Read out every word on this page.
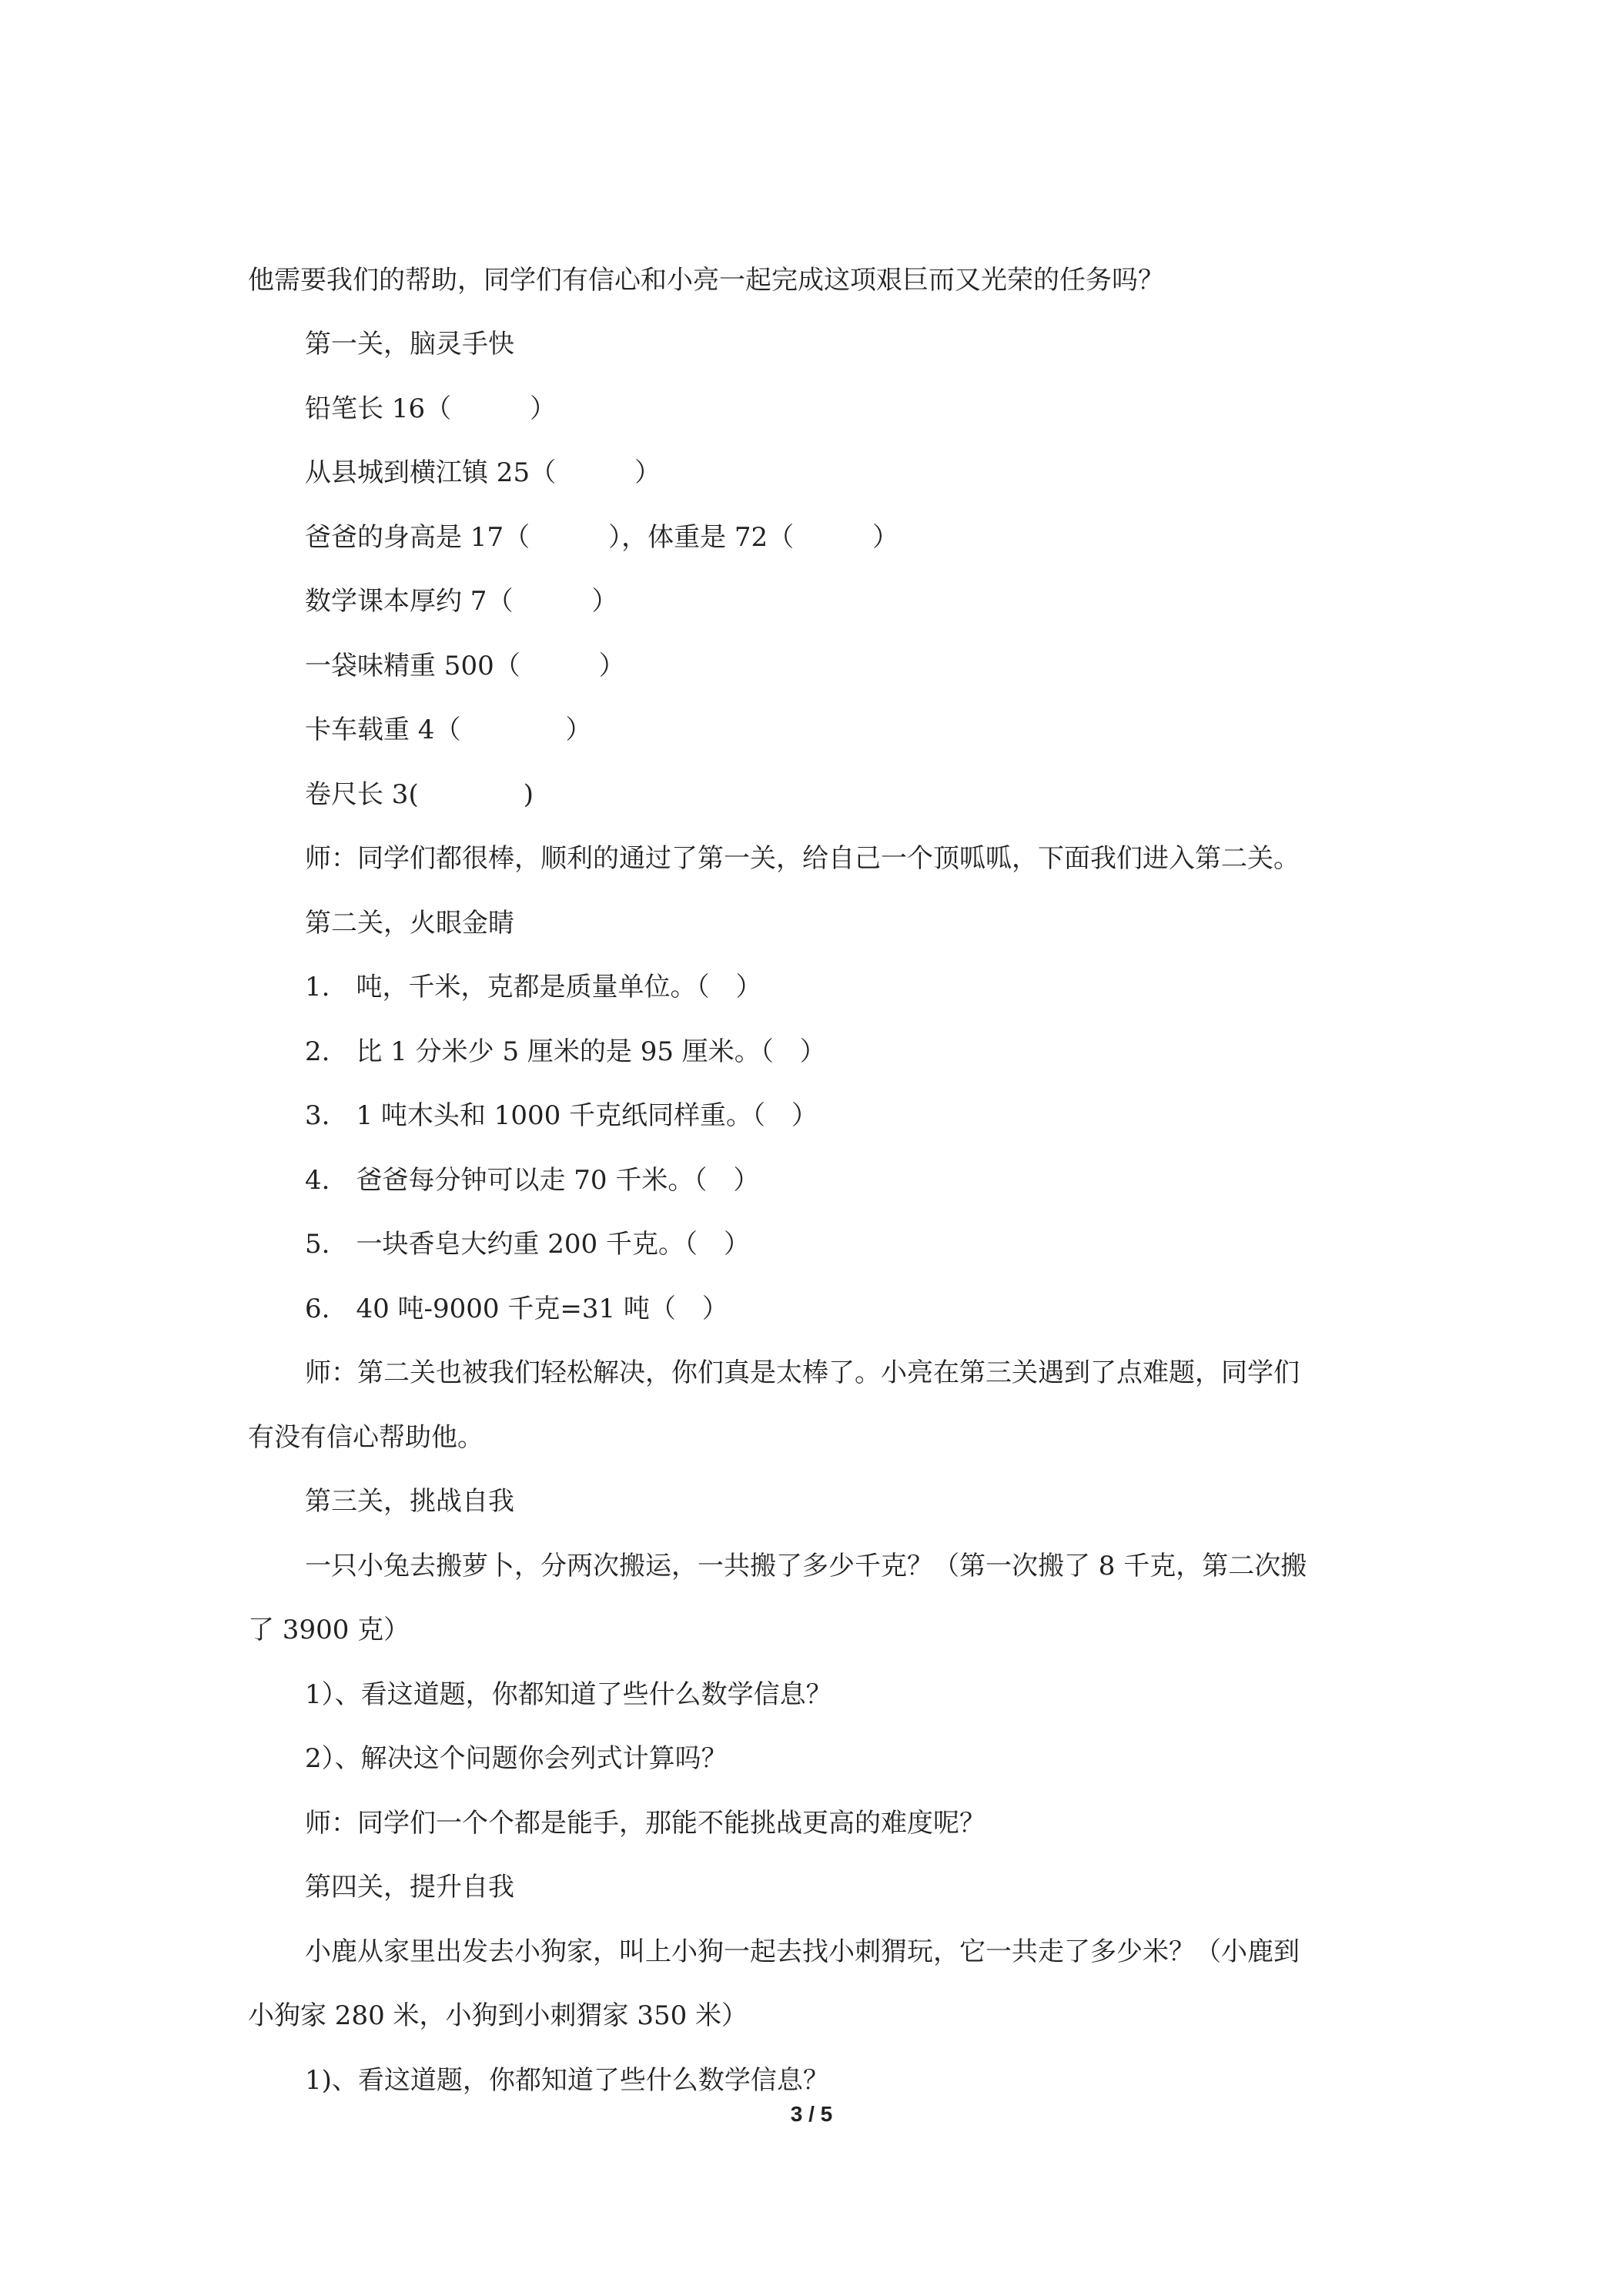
他需要我们的帮助，同学们有信心和小亮一起完成这项艰巨而又光荣的任务吗？
第一关，脑灵手快
铅笔长 16（　　　）
从县城到横江镇 25（　　　）
爸爸的身高是 17（　　　），体重是 72（　　　）
数学课本厚约 7（　　　）
一袋味精重 500（　　　）
卡车载重 4（　　　　）
卷尺长 3(　　　　)
师：同学们都很棒，顺利的通过了第一关，给自己一个顶呱呱，下面我们进入第二关。
第二关，火眼金睛
1.　吨，千米，克都是质量单位。（　）
2.　比 1 分米少 5 厘米的是 95 厘米。（　）
3.　1 吨木头和 1000 千克纸同样重。（　）
4.　爸爸每分钟可以走 70 千米。（　）
5.　一块香皂大约重 200 千克。（　）
6.　40 吨-9000 千克=31 吨（　）
师：第二关也被我们轻松解决，你们真是太棒了。小亮在第三关遇到了点难题，同学们
有没有信心帮助他。
第三关，挑战自我
一只小兔去搬萝卜，分两次搬运，一共搬了多少千克？（第一次搬了 8 千克，第二次搬
了 3900 克）
1）、看这道题，你都知道了些什么数学信息？
2）、解决这个问题你会列式计算吗？
师：同学们一个个都是能手，那能不能挑战更高的难度呢？
第四关，提升自我
小鹿从家里出发去小狗家，叫上小狗一起去找小刺猬玩，它一共走了多少米？（小鹿到
小狗家 280 米，小狗到小刺猬家 350 米）
1)、看这道题，你都知道了些什么数学信息？
3 / 5
